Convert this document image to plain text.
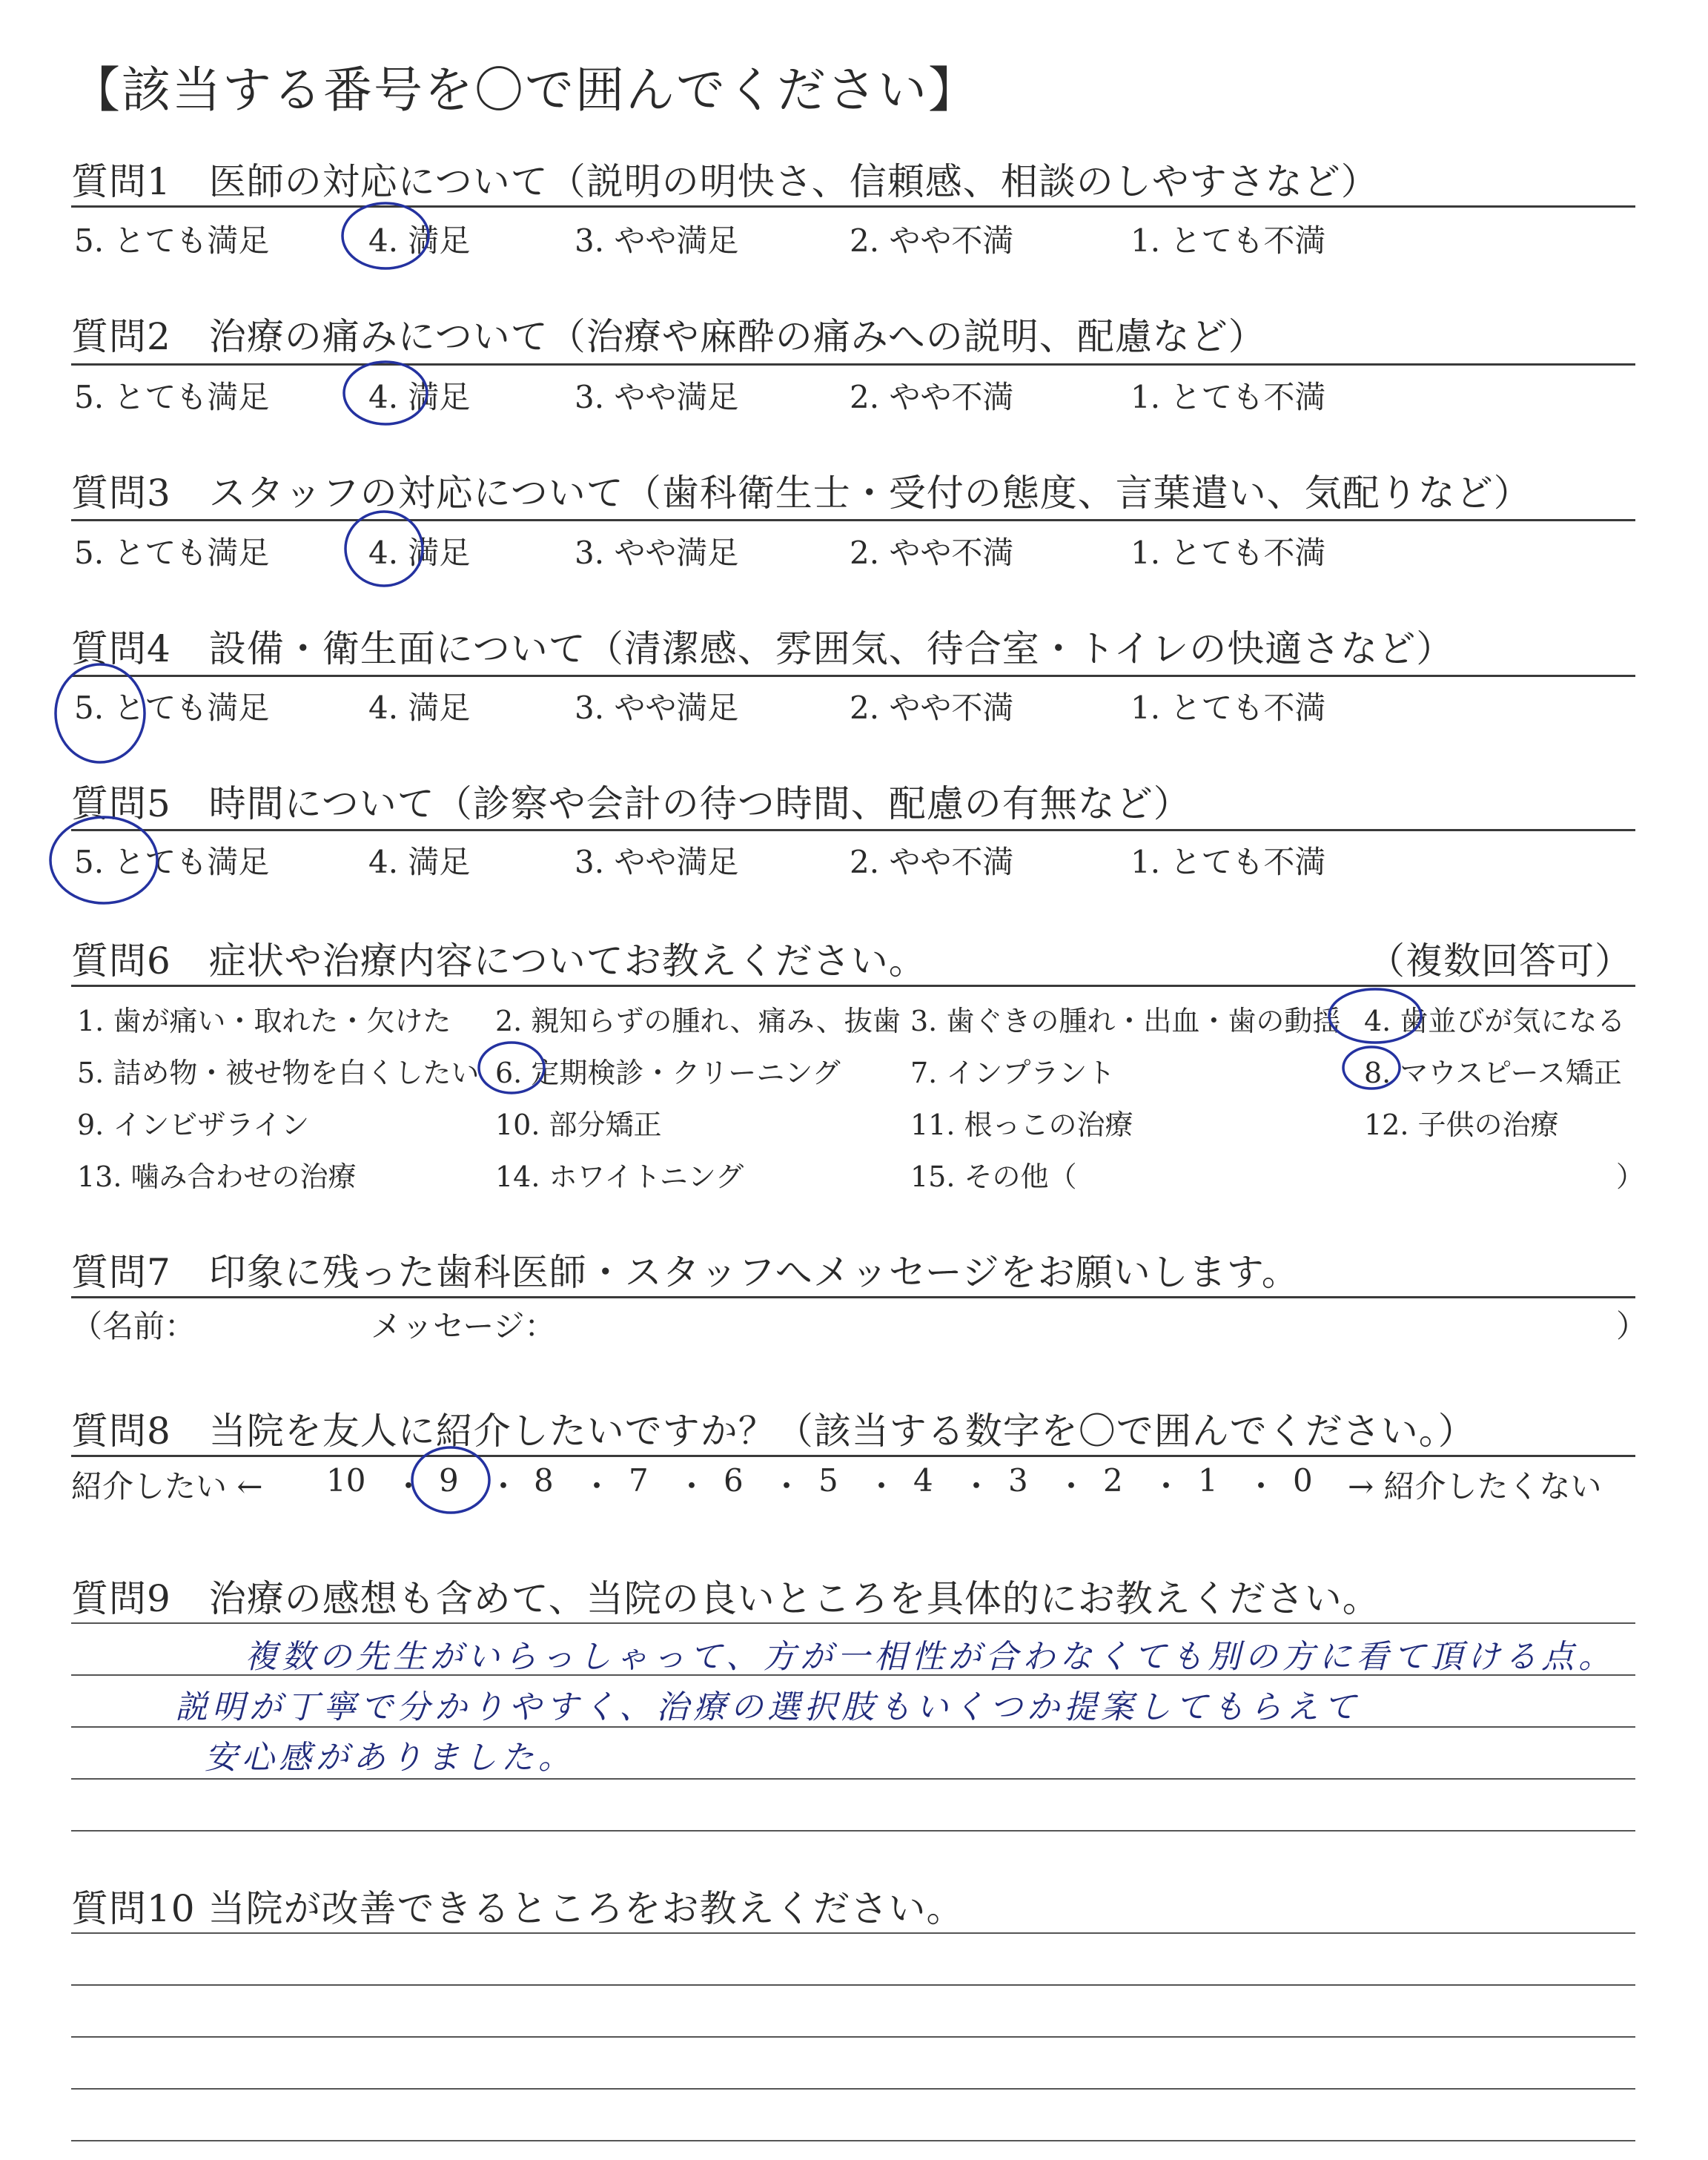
【該当する番号を〇で囲んでください】
質問1　医師の対応について（説明の明快さ、信頼感、相談のしやすさなど）
5. とても満足	4. 満足	3. やや満足	2. やや不満	1. とても不満
質問2　治療の痛みについて（治療や麻酔の痛みへの説明、配慮など）
5. とても満足	4. 満足	3. やや満足	2. やや不満	1. とても不満
質問3　スタッフの対応について（歯科衛生士・受付の態度、言葉遣い、気配りなど）
5. とても満足	4. 満足	3. やや満足	2. やや不満	1. とても不満
質問4　設備・衛生面について（清潔感、雰囲気、待合室・トイレの快適さなど）
5. とても満足	4. 満足	3. やや満足	2. やや不満	1. とても不満
質問5　時間について（診察や会計の待つ時間、配慮の有無など）
5. とても満足	4. 満足	3. やや満足	2. やや不満	1. とても不満
質問6　症状や治療内容についてお教えください。	（複数回答可）
1. 歯が痛い・取れた・欠けた 2. 親知らずの腫れ、痛み、抜歯 3. 歯ぐきの腫れ・出血・歯の動揺 4. 歯並びが気になる
5. 詰め物・被せ物を白くしたい 6. 定期検診・クリーニング 7. インプラント	8. マウスピース矯正
9. インビザライン	10. 部分矯正	11. 根っこの治療	12. 子供の治療
13. 噛み合わせの治療	14. ホワイトニング	15. その他（	）
質問7　印象に残った歯科医師・スタッフへメッセージをお願いします。
（名前：	メッセージ：	）
質問8　当院を友人に紹介したいですか？（該当する数字を〇で囲んでください。）
紹介したい ← 10 ・ 9 ・ 8 ・ 7 ・ 6 ・ 5 ・ 4 ・ 3 ・ 2 ・ 1 ・ 0 → 紹介したくない
質問9　治療の感想も含めて、当院の良いところを具体的にお教えください。
複数の先生がいらっしゃって、方が一相性が合わなくても別の方に看て頂ける点。
説明が丁寧で分かりやすく、治療の選択肢もいくつか提案してもらえて
安心感がありました。
質問10 当院が改善できるところをお教えください。
